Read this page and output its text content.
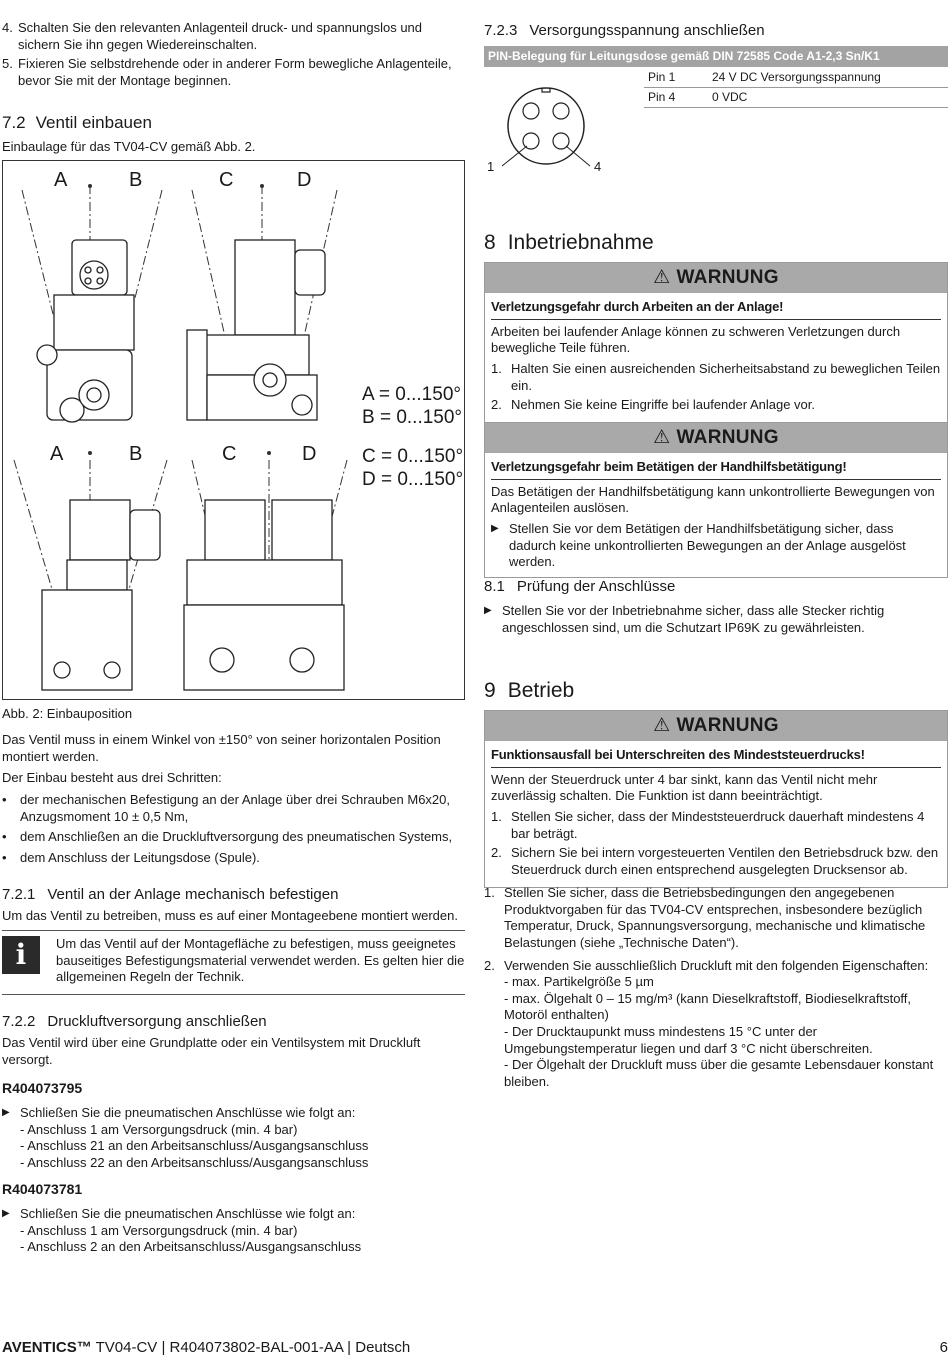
4. Schalten Sie den relevanten Anlagenteil druck- und spannungslos und sichern Sie ihn gegen Wiedereinschalten.
5. Fixieren Sie selbstdrehende oder in anderer Form bewegliche Anlagenteile, bevor Sie mit der Montage beginnen.
7.2 Ventil einbauen
Einbaulage für das TV04-CV gemäß Abb. 2.
A	B	C	D
A	B	C	D
A = 0...150°
B = 0...150°
C = 0...150°
D = 0...150°
Abb. 2: Einbauposition

Das Ventil muss in einem Winkel von ±150° von seiner horizontalen Position montiert werden.

Der Einbau besteht aus drei Schritten:

•	der mechanischen Befestigung an der Anlage über drei Schrauben M6x20, Anzugsmoment 10 ± 0,5 Nm,
•	dem Anschließen an die Druckluftversorgung des pneumatischen Systems,
•	dem Anschluss der Leitungsdose (Spule).
7.2.1 Ventil an der Anlage mechanisch befestigen
Um das Ventil zu betreiben, muss es auf einer Montageebene montiert werden.
i	Um das Ventil auf der Montagefläche zu befestigen, muss geeignetes bauseitiges Befestigungsmaterial verwendet werden. Es gelten hier die allgemeinen Regeln der Technik.
7.2.2 Druckluftversorgung anschließen
Das Ventil wird über eine Grundplatte oder ein Ventilsystem mit Druckluft versorgt.
R404073795
▶ Schließen Sie die pneumatischen Anschlüsse wie folgt an:
- Anschluss 1 am Versorgungsdruck (min. 4 bar)
- Anschluss 21 an den Arbeitsanschluss/Ausgangsanschluss
- Anschluss 22 an den Arbeitsanschluss/Ausgangsanschluss
R404073781
▶ Schließen Sie die pneumatischen Anschlüsse wie folgt an:
- Anschluss 1 am Versorgungsdruck (min. 4 bar)
- Anschluss 2 an den Arbeitsanschluss/Ausgangsanschluss
7.2.3 Versorgungsspannung anschließen
PIN-Belegung für Leitungsdose gemäß DIN 72585 Code A1-2,3 Sn/K1
Pin 1	24 V DC Versorgungsspannung
Pin 4	0 VDC
1	4
8 Inbetriebnahme
⚠ WARNUNG
Verletzungsgefahr durch Arbeiten an der Anlage!

Arbeiten bei laufender Anlage können zu schweren Verletzungen durch bewegliche Teile führen.

1. Halten Sie einen ausreichenden Sicherheitsabstand zu beweglichen Teilen ein.
2. Nehmen Sie keine Eingriffe bei laufender Anlage vor.
⚠ WARNUNG
Verletzungsgefahr beim Betätigen der Handhilfsbetätigung!

Das Betätigen der Handhilfsbetätigung kann unkontrollierte Bewegungen von Anlagenteilen auslösen.

▶ Stellen Sie vor dem Betätigen der Handhilfsbetätigung sicher, dass dadurch keine unkontrollierten Bewegungen an der Anlage ausgelöst werden.
8.1 Prüfung der Anschlüsse
▶ Stellen Sie vor der Inbetriebnahme sicher, dass alle Stecker richtig angeschlossen sind, um die Schutzart IP69K zu gewährleisten.
9 Betrieb
⚠ WARNUNG
Funktionsausfall bei Unterschreiten des Mindeststeuerdrucks!

Wenn der Steuerdruck unter 4 bar sinkt, kann das Ventil nicht mehr zuverlässig schalten. Die Funktion ist dann beeinträchtigt.

1. Stellen Sie sicher, dass der Mindeststeuerdruck dauerhaft mindestens 4 bar beträgt.
2. Sichern Sie bei intern vorgesteuerten Ventilen den Betriebsdruck bzw. den Steuerdruck durch einen entsprechend ausgelegten Drucksensor ab.
1. Stellen Sie sicher, dass die Betriebsbedingungen den angegebenen Produktvorgaben für das TV04-CV entsprechen, insbesondere bezüglich Temperatur, Druck, Spannungsversorgung, mechanische und klimatische Belastungen (siehe „Technische Daten“).
2. Verwenden Sie ausschließlich Druckluft mit den folgenden Eigenschaften:
- max. Partikelgröße 5 µm
- max. Ölgehalt 0 – 15 mg/m³ (kann Dieselkraftstoff, Biodieselkraftstoff, Motoröl enthalten)
- Der Drucktaupunkt muss mindestens 15 °C unter der Umgebungstemperatur liegen und darf 3 °C nicht überschreiten.
- Der Ölgehalt der Druckluft muss über die gesamte Lebensdauer konstant bleiben.
AVENTICS™ TV04-CV | R404073802-BAL-001-AA | Deutsch	6
